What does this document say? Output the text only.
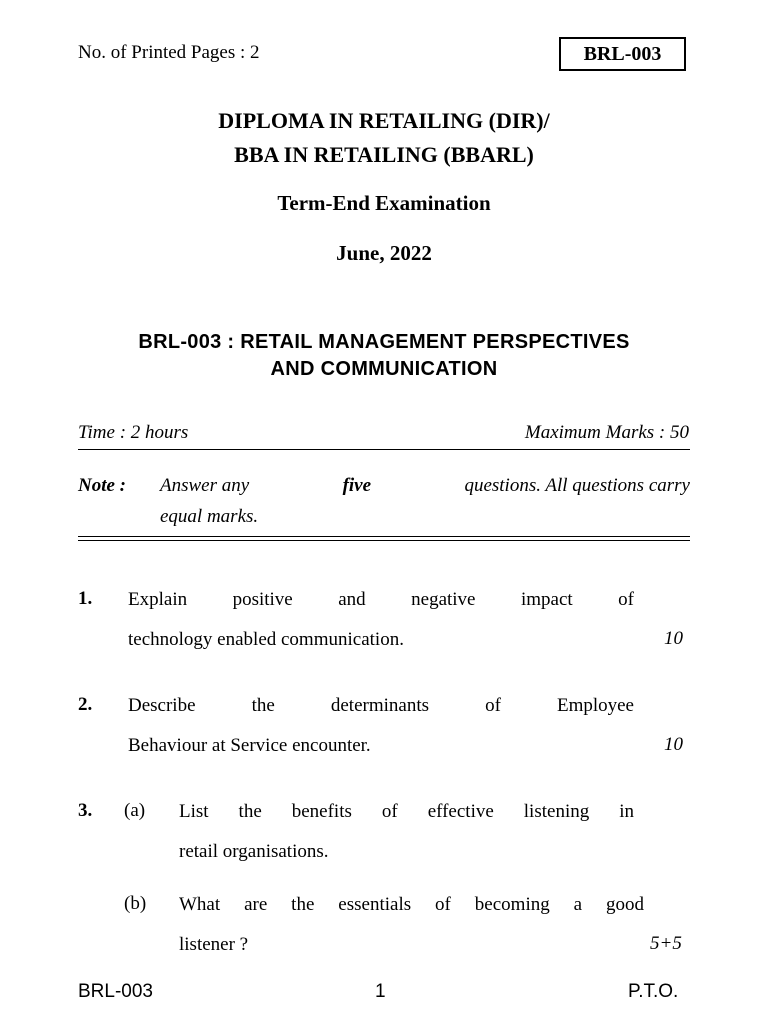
No. of Printed Pages : 2	BRL-003
DIPLOMA IN RETAILING (DIR)/
BBA IN RETAILING (BBARL)
Term-End Examination
June, 2022
BRL-003 : RETAIL MANAGEMENT PERSPECTIVES
AND COMMUNICATION
Time : 2 hours	Maximum Marks : 50
Note : Answer any	five	questions. All questions carry
equal marks.
1. Explain positive and negative impact of
technology enabled communication.	10
2. Describe the determinants of Employee
Behaviour at Service encounter.	10
3. (a) List the benefits of effective listening in
retail organisations.
(b) What are the essentials of becoming a good
listener ?	5+5
BRL-003	1	P.T.O.
